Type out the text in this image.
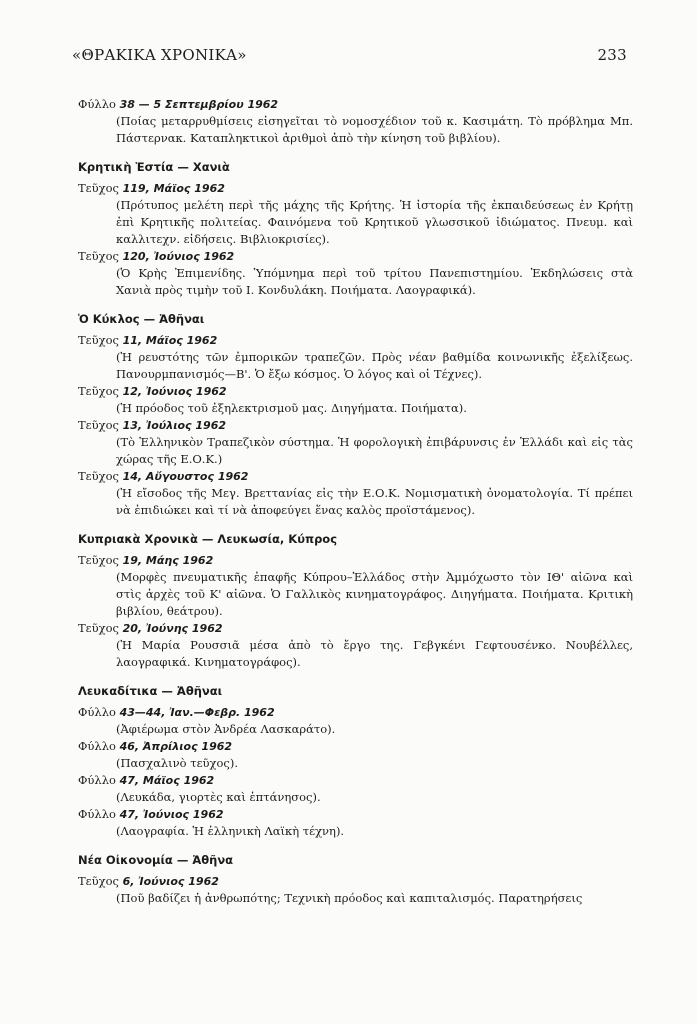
«ΘΡΑΚΙΚΑ ΧΡΟΝΙΚΑ»	233
Φύλλο 38 — 5 Σεπτεμβρίου 1962
(Ποίας μεταρρυθμίσεις εἰσηγεῖται τὸ νομοσχέδιον τοῦ κ. Κασιμάτη. Τὸ πρόβλημα Μπ. Πάστερνακ. Καταπληκτικοὶ ἀριθμοὶ ἀπὸ τὴν κίνηση τοῦ βιβλίου).
Κρητικὴ Ἑστία — Χανιὰ
Τεῦχος 119, Μάϊος 1962
(Πρότυπος μελέτη περὶ τῆς μάχης τῆς Κρήτης. Ἡ ἱστορία τῆς ἐκπαιδεύσεως ἐν Κρήτῃ ἐπὶ Κρητικῆς πολιτείας. Φαινόμενα τοῦ Κρητικοῦ γλωσσικοῦ ἰδιώματος. Πνευμ. καὶ καλλιτεχν. εἰδήσεις. Βιβλιοκρισίες).
Τεῦχος 120, Ἰούνιος 1962
(Ὁ Κρὴς Ἐπιμενίδης. Ὑπόμνημα περὶ τοῦ τρίτου Πανεπιστημίου. Ἐκδηλώσεις στὰ Χανιὰ πρὸς τιμὴν τοῦ Ι. Κονδυλάκη. Ποιήματα. Λαογραφικά).
Ὁ Κύκλος — Ἀθῆναι
Τεῦχος 11, Μάϊος 1962
(Ἡ ρευστότης τῶν ἐμπορικῶν τραπεζῶν. Πρὸς νέαν βαθμίδα κοινωνικῆς ἐξελίξεως. Πανουρμπανισμός—Β'. Ὁ ἔξω κόσμος. Ὁ λόγος καὶ οἱ Τέχνες).
Τεῦχος 12, Ἰούνιος 1962
(Ἡ πρόοδος τοῦ ἐξηλεκτρισμοῦ μας. Διηγήματα. Ποιήματα).
Τεῦχος 13, Ἰούλιος 1962
(Τὸ Ἑλληνικὸν Τραπεζικὸν σύστημα. Ἡ φορολογικὴ ἐπιβάρυνσις ἐν Ἑλλάδι καὶ εἰς τὰς χώρας τῆς Ε.Ο.Κ.)
Τεῦχος 14, Αὔγουστος 1962
(Ἡ εἴσοδος τῆς Μεγ. Βρεττανίας εἰς τὴν Ε.Ο.Κ. Νομισματικὴ ὀνοματολογία. Τί πρέπει νὰ ἐπιδιώκει καὶ τί νὰ ἀποφεύγει ἕνας καλὸς προϊστάμενος).
Κυπριακὰ Χρονικὰ — Λευκωσία, Κύπρος
Τεῦχος 19, Μάης 1962
(Μορφὲς πνευματικῆς ἐπαφῆς Κύπρου–Ἑλλάδος στὴν Ἀμμόχωστο τὸν ΙΘ' αἰῶνα καὶ στὶς ἀρχὲς τοῦ Κ' αἰῶνα. Ὁ Γαλλικὸς κινηματογράφος. Διηγήματα. Ποιήματα. Κριτικὴ βιβλίου, θεάτρου).
Τεῦχος 20, Ἰούνης 1962
(Ἡ Μαρία Ρουσσιᾶ μέσα ἀπὸ τὸ ἔργο της. Γεβγκένι Γεφτουσένκο. Νουβέλλες, λαογραφικά. Κινηματογράφος).
Λευκαδίτικα — Ἀθῆναι
Φύλλο 43—44, Ἰαν.—Φεβρ. 1962
(Ἀφιέρωμα στὸν Ἀνδρέα Λασκαράτο).
Φύλλο 46, Ἀπρίλιος 1962
(Πασχαλινὸ τεῦχος).
Φύλλο 47, Μάϊος 1962
(Λευκάδα, γιορτὲς καὶ ἑπτάνησος).
Φύλλο 47, Ἰούνιος 1962
(Λαογραφία. Ἡ ἑλληνικὴ Λαϊκὴ τέχνη).
Νέα Οἰκονομία — Ἀθῆνα
Τεῦχος 6, Ἰούνιος 1962
(Ποῦ βαδίζει ἡ ἀνθρωπότης; Τεχνικὴ πρόοδος καὶ καπιταλισμός. Παρατηρήσεις
